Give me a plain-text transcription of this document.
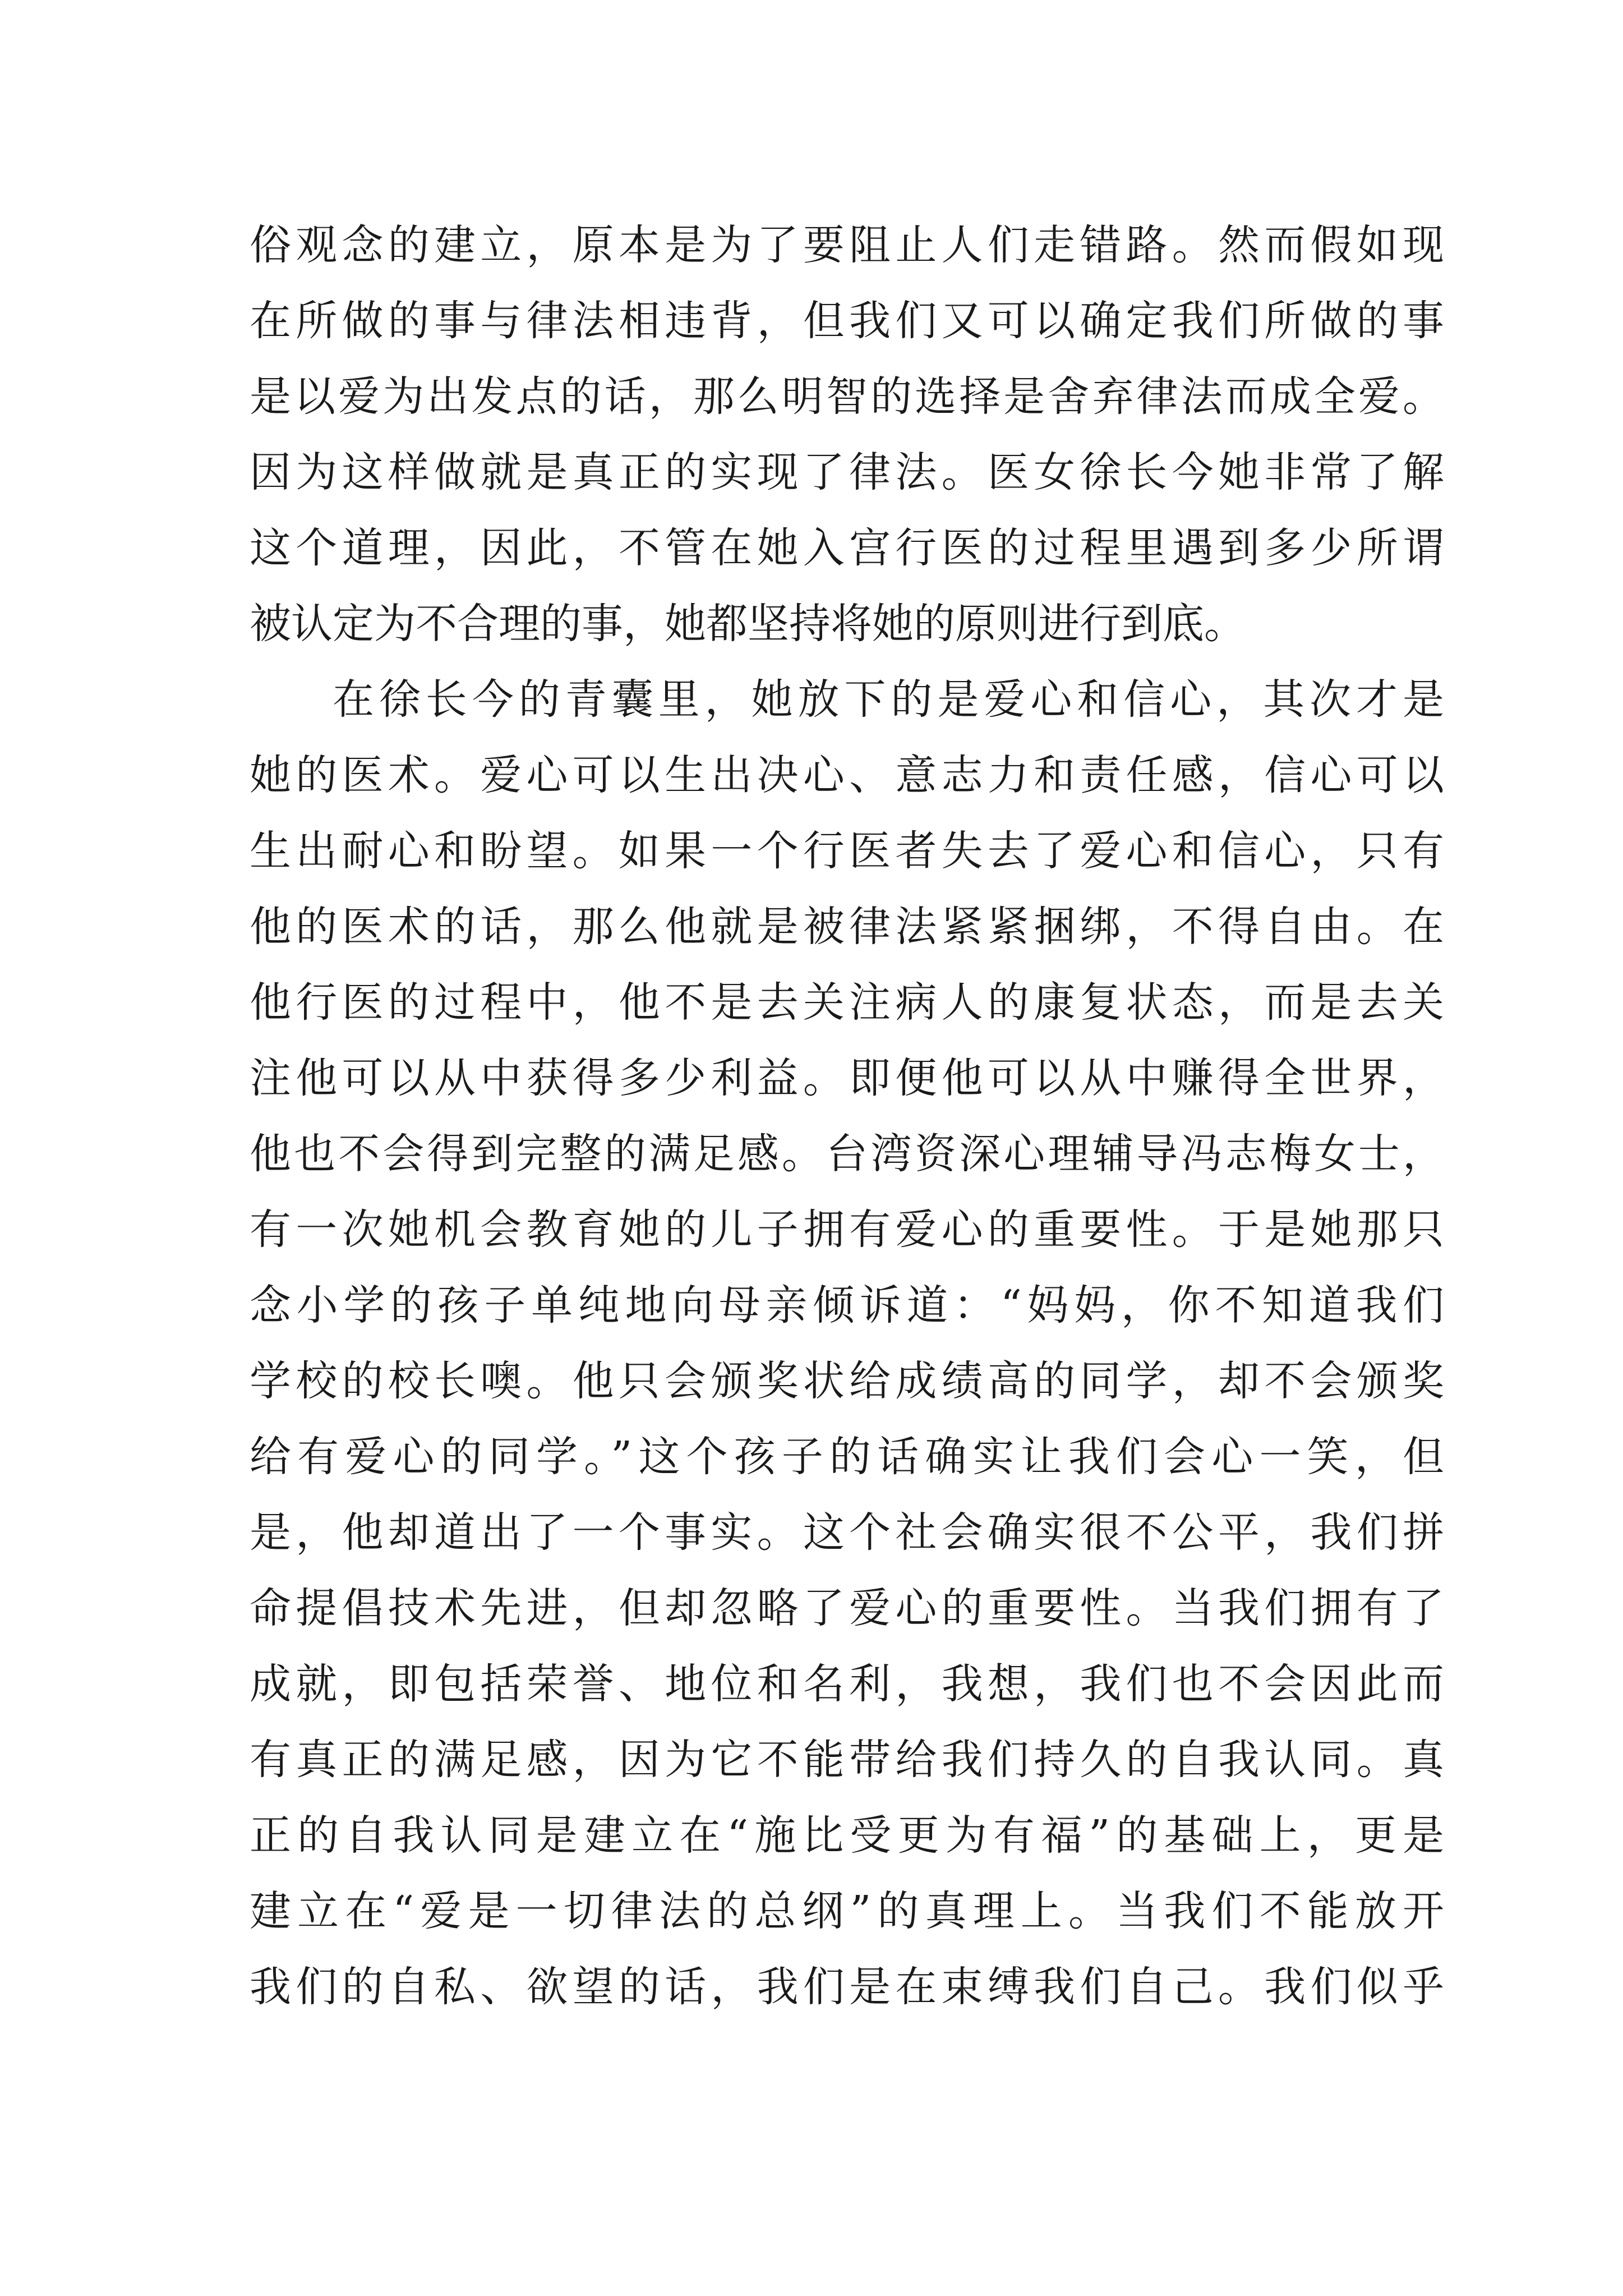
俗观念的建立，原本是为了要阻止人们走错路。然而假如现
在所做的事与律法相违背，但我们又可以确定我们所做的事
是以爱为出发点的话，那么明智的选择是舍弃律法而成全爱。
因为这样做就是真正的实现了律法。医女徐长今她非常了解
这个道理，因此，不管在她入宫行医的过程里遇到多少所谓
被认定为不合理的事，她都坚持将她的原则进行到底。
在徐长今的青囊里，她放下的是爱心和信心，其次才是
她的医术。爱心可以生出决心、意志力和责任感，信心可以
生出耐心和盼望。如果一个行医者失去了爱心和信心，只有
他的医术的话，那么他就是被律法紧紧捆绑，不得自由。在
他行医的过程中，他不是去关注病人的康复状态，而是去关
注他可以从中获得多少利益。即便他可以从中赚得全世界，
他也不会得到完整的满足感。台湾资深心理辅导冯志梅女士，
有一次她机会教育她的儿子拥有爱心的重要性。于是她那只
念小学的孩子单纯地向母亲倾诉道：“妈妈，你不知道我们
学校的校长噢。他只会颁奖状给成绩高的同学，却不会颁奖
给有爱心的同学。”这个孩子的话确实让我们会心一笑，但
是，他却道出了一个事实。这个社会确实很不公平，我们拼
命提倡技术先进，但却忽略了爱心的重要性。当我们拥有了
成就，即包括荣誉、地位和名利，我想，我们也不会因此而
有真正的满足感，因为它不能带给我们持久的自我认同。真
正的自我认同是建立在“施比受更为有福”的基础上，更是
建立在“爱是一切律法的总纲”的真理上。当我们不能放开
我们的自私、欲望的话，我们是在束缚我们自己。我们似乎
